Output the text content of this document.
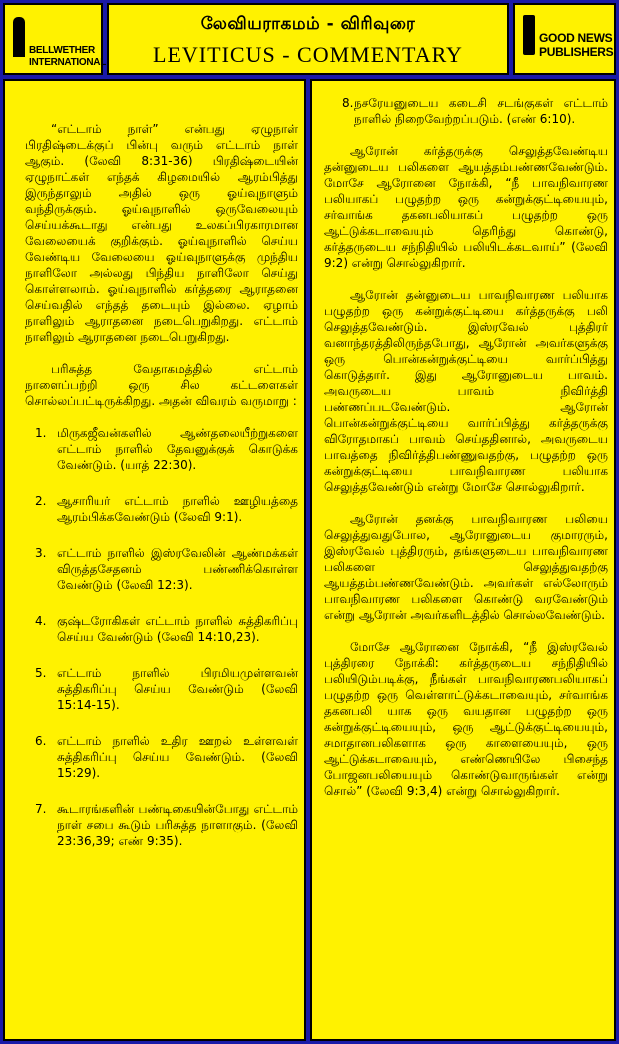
BELLWETHER
INTERNATIONAL
லேவியராகமம் - விரிவுரை
LEVITICUS - COMMENTARY
GOOD NEWS
PUBLISHERS

“எட்டாம் நாள்” என்பது ஏழுநாள் பிரதிஷ்டைக்குப் பின்பு வரும் எட்டாம் நாள் ஆகும். (லேவி 8:31-36) பிரதிஷ்டையின் ஏழுநாட்கள் எந்தக் கிழமையில் ஆரம்பித்து இருந்தாலும் அதில் ஒரு ஓய்வுநாளும் வந்திருக்கும். ஓய்வுநாளில் ஒருவேலையும் செய்யக்கூடாது என்பது உலகப்பிரகாரமான வேலையைக் குறிக்கும். ஓய்வுநாளில் செய்ய வேண்டிய வேலையை ஓய்வுநாளுக்கு முந்திய நாளிலோ அல்லது பிந்திய நாளிலோ செய்து கொள்ளலாம். ஓய்வுநாளில் கர்த்தரை ஆராதனை செய்வதில் எந்தத் தடையும் இல்லை. ஏழாம் நாளிலும் ஆராதனை நடைபெறுகிறது. எட்டாம் நாளிலும் ஆராதனை நடைபெறுகிறது.

பரிசுத்த வேதாகமத்தில் எட்டாம் நாளைப்பற்றி ஒரு சில கட்டளைகள் சொல்லப்பட்டிருக்கிறது. அதன் விவரம் வருமாறு :

1. மிருகஜீவன்களில் ஆண்தலையீற்றுகளை எட்டாம் நாளில் தேவனுக்குக் கொடுக்க வேண்டும். (யாத் 22:30).
2. ஆசாரியர் எட்டாம் நாளில் ஊழியத்தை ஆரம்பிக்கவேண்டும் (லேவி 9:1).
3. எட்டாம் நாளில் இஸ்ரவேலின் ஆண்மக்கள் விருத்தசேதனம் பண்ணிக்கொள்ள வேண்டும் (லேவி 12:3).
4. குஷ்டரோகிகள் எட்டாம் நாளில் சுத்திகரிப்பு செய்ய வேண்டும் (லேவி 14:10,23).
5. எட்டாம் நாளில் பிரமியமுள்ளவன் சுத்திகரிப்பு செய்ய வேண்டும் (லேவி 15:14-15).
6. எட்டாம் நாளில் உதிர ஊறல் உள்ளவள் சுத்திகரிப்பு செய்ய வேண்டும். (லேவி 15:29).
7. கூடாரங்களின் பண்டிகையின்போது எட்டாம் நாள் சபை கூடும் பரிசுத்த நாளாகும். (லேவி 23:36,39; எண் 9:35).
8. நசரேயனுடைய கடைசி சடங்குகள் எட்டாம் நாளில் நிறைவேற்றப்படும். (எண் 6:10).

ஆரோன் கர்த்தருக்கு செலுத்தவேண்டிய தன்னுடைய பலிகளை ஆயத்தம்பண்ணவேண்டும். மோசே ஆரோனை நோக்கி, “நீ பாவநிவாரண பலியாகப் பழுதற்ற ஒரு கன்றுக்குட்டியையும், சர்வாங்க தகனபலியாகப் பழுதற்ற ஒரு ஆட்டுக்கடாவையும் தெரிந்து கொண்டு, கர்த்தருடைய சந்நிதியில் பலியிடக்கடவாய்” (லேவி 9:2) என்று சொல்லுகிறார்.

ஆரோன் தன்னுடைய பாவநிவாரண பலியாக பழுதற்ற ஒரு கன்றுக்குட்டியை கர்த்தருக்கு பலி செலுத்தவேண்டும். இஸ்ரவேல் புத்திரர் வனாந்தரத்திலிருந்தபோது, ஆரோன் அவர்களுக்கு ஒரு பொன்கன்றுக்குட்டியை வார்ப்பித்து கொடுத்தார். இது ஆரோனுடைய பாவம். அவருடைய பாவம் நிவிர்த்தி பண்ணப்படவேண்டும். ஆரோன் பொன்கன்றுக்குட்டியை வார்ப்பித்து கர்த்தருக்கு விரோதமாகப் பாவம் செய்ததினால், அவருடைய பாவத்தை நிவிர்த்திபண்ணுவதற்கு, பழுதற்ற ஒரு கன்றுக்குட்டியை பாவநிவாரண பலியாக செலுத்தவேண்டும் என்று மோசே சொல்லுகிறார்.

ஆரோன் தனக்கு பாவநிவாரண பலியை செலுத்துவதுபோல, ஆரோனுடைய குமாரரும், இஸ்ரவேல் புத்திரரும், தங்களுடைய பாவநிவாரண பலிகளை செலுத்துவதற்கு ஆயத்தம்பண்ணவேண்டும். அவர்கள் எல்லோரும் பாவநிவாரண பலிகளை கொண்டு வரவேண்டும் என்று ஆரோன் அவர்களிடத்தில் சொல்லவேண்டும்.

மோசே ஆரோனை நோக்கி, “நீ இஸ்ரவேல் புத்திரரை நோக்கி: கர்த்தருடைய சந்நிதியில் பலியிடும்படிக்கு, நீங்கள் பாவநிவாரணபலியாகப் பழுதற்ற ஒரு வெள்ளாட்டுக்கடாவையும், சர்வாங்க தகனபலி யாக ஒரு வயதான பழுதற்ற ஒரு கன்றுக்குட்டியையும், ஒரு ஆட்டுக்குட்டியையும், சமாதானபலிகளாக ஒரு காளையையும், ஒரு ஆட்டுக்கடாவையும், எண்ணெயிலே பிசைந்த போஜனபலியையும் கொண்டுவாருங்கள் என்று சொல்” (லேவி 9:3,4) என்று சொல்லுகிறார்.
